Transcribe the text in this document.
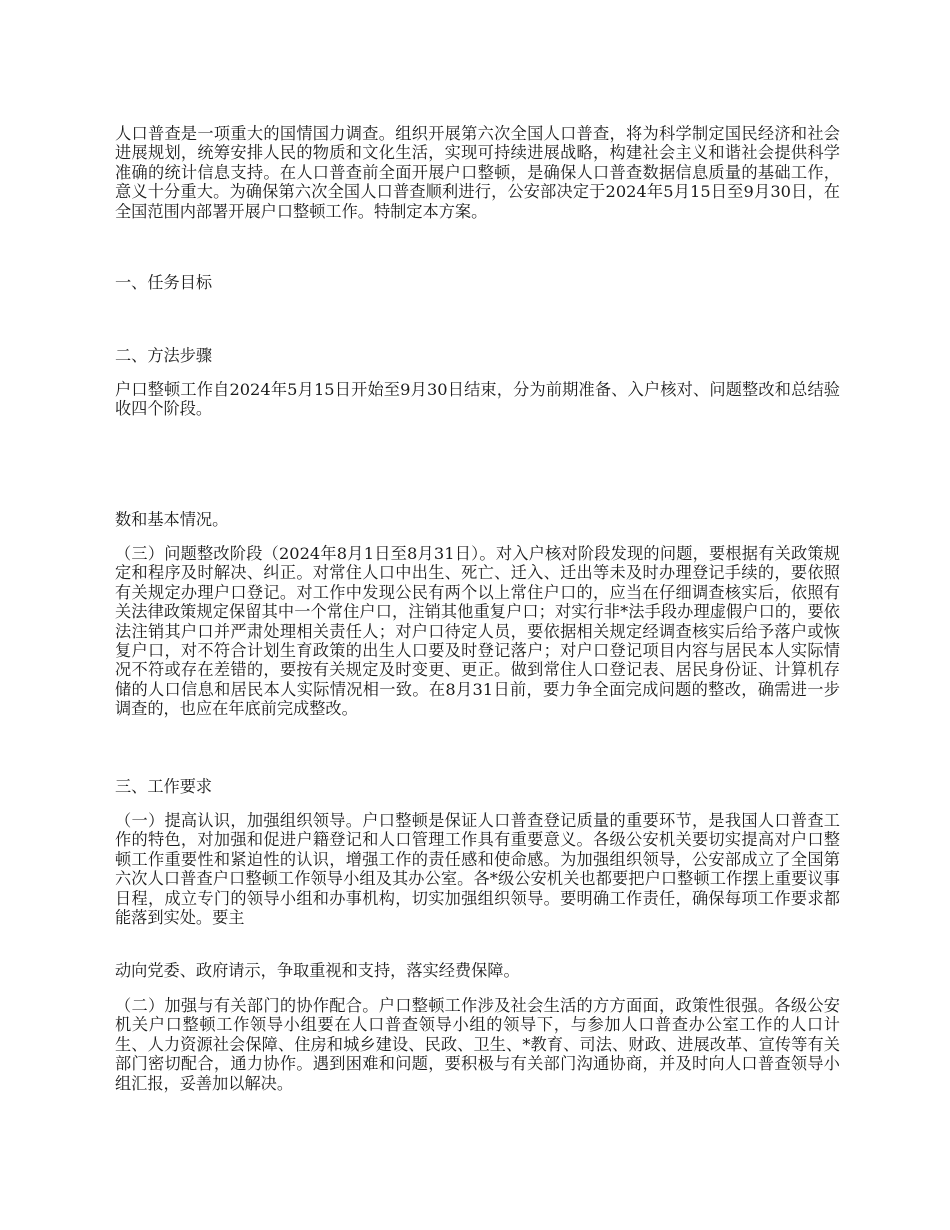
人口普查是一项重大的国情国力调查。组织开展第六次全国人口普查，将为科学制定国民经济和社会进展规划，统筹安排人民的物质和文化生活，实现可持续进展战略，构建社会主义和谐社会提供科学准确的统计信息支持。在人口普查前全面开展户口整顿，是确保人口普查数据信息质量的基础工作，意义十分重大。为确保第六次全国人口普查顺利进行，公安部决定于2024年5月15日至9月30日，在全国范围内部署开展户口整顿工作。特制定本方案。

一、任务目标

二、方法步骤

户口整顿工作自2024年5月15日开始至9月30日结束，分为前期准备、入户核对、问题整改和总结验收四个阶段。

数和基本情况。

（三）问题整改阶段（2024年8月1日至8月31日）。对入户核对阶段发现的问题，要根据有关政策规定和程序及时解决、纠正。对常住人口中出生、死亡、迁入、迁出等未及时办理登记手续的，要依照有关规定办理户口登记。对工作中发现公民有两个以上常住户口的，应当在仔细调查核实后，依照有关法律政策规定保留其中一个常住户口，注销其他重复户口；对实行非*法手段办理虚假户口的，要依法注销其户口并严肃处理相关责任人；对户口待定人员，要依据相关规定经调查核实后给予落户或恢复户口，对不符合计划生育政策的出生人口要及时登记落户；对户口登记项目内容与居民本人实际情况不符或存在差错的，要按有关规定及时变更、更正。做到常住人口登记表、居民身份证、计算机存储的人口信息和居民本人实际情况相一致。在8月31日前，要力争全面完成问题的整改，确需进一步调查的，也应在年底前完成整改。

三、工作要求

（一）提高认识，加强组织领导。户口整顿是保证人口普查登记质量的重要环节，是我国人口普查工作的特色，对加强和促进户籍登记和人口管理工作具有重要意义。各级公安机关要切实提高对户口整顿工作重要性和紧迫性的认识，增强工作的责任感和使命感。为加强组织领导，公安部成立了全国第六次人口普查户口整顿工作领导小组及其办公室。各*级公安机关也都要把户口整顿工作摆上重要议事日程，成立专门的领导小组和办事机构，切实加强组织领导。要明确工作责任，确保每项工作要求都能落到实处。要主

动向党委、政府请示，争取重视和支持，落实经费保障。

（二）加强与有关部门的协作配合。户口整顿工作涉及社会生活的方方面面，政策性很强。各级公安机关户口整顿工作领导小组要在人口普查领导小组的领导下，与参加人口普查办公室工作的人口计生、人力资源社会保障、住房和城乡建设、民政、卫生、*教育、司法、财政、进展改革、宣传等有关部门密切配合，通力协作。遇到困难和问题，要积极与有关部门沟通协商，并及时向人口普查领导小组汇报，妥善加以解决。
